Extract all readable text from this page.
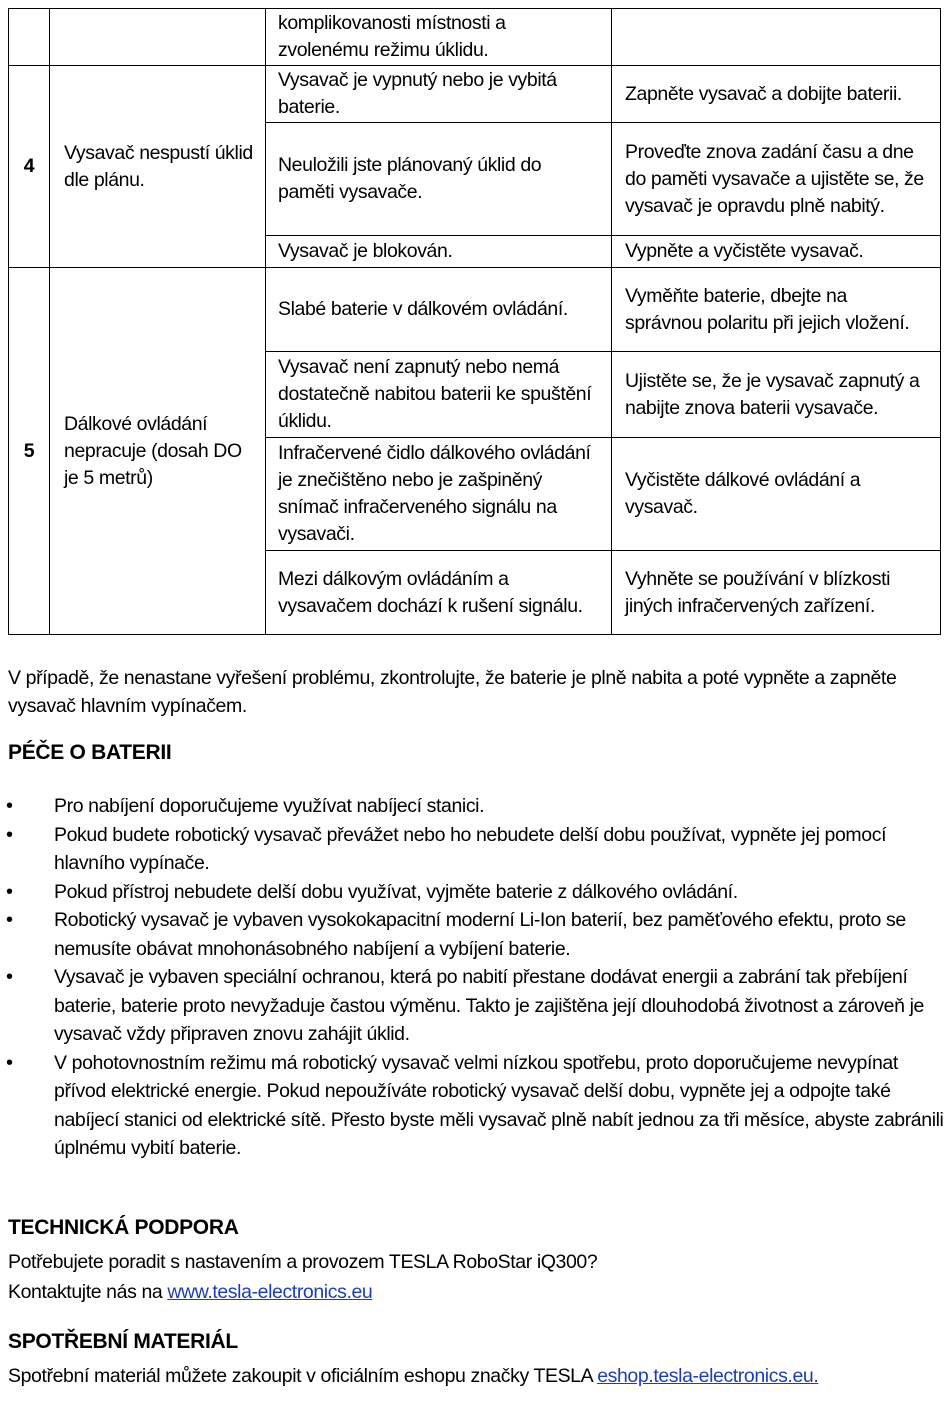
		komplikovanosti místnosti a zvolenému režimu úklidu.	
4	Vysavač nespustí úklid dle plánu.	Vysavač je vypnutý nebo je vybitá baterie.	Zapněte vysavač a dobijte baterii.
		Neuložili jste plánovaný úklid do paměti vysavače.	Proveďte znova zadání času a dne do paměti vysavače a ujistěte se, že vysavač je opravdu plně nabitý.
		Vysavač je blokován.	Vypněte a vyčistěte vysavač.
5	Dálkové ovládání nepracuje (dosah DO je 5 metrů)	Slabé baterie v dálkovém ovládání.	Vyměňte baterie, dbejte na správnou polaritu při jejich vložení.
		Vysavač není zapnutý nebo nemá dostatečně nabitou baterii ke spuštění úklidu.	Ujistěte se, že je vysavač zapnutý a nabijte znova baterii vysavače.
		Infračervené čidlo dálkového ovládání je znečištěno nebo je zašpiněný snímač infračerveného signálu na vysavači.	Vyčistěte dálkové ovládání a vysavač.
		Mezi dálkovým ovládáním a vysavačem dochází k rušení signálu.	Vyhněte se používání v blízkosti jiných infračervených zařízení.
V případě, že nenastane vyřešení problému, zkontrolujte, že baterie je plně nabita a poté vypněte a zapněte vysavač hlavním vypínačem.
PÉČE O BATERII
• Pro nabíjení doporučujeme využívat nabíjecí stanici.
• Pokud budete robotický vysavač převážet nebo ho nebudete delší dobu používat, vypněte jej pomocí hlavního vypínače.
• Pokud přístroj nebudete delší dobu využívat, vyjměte baterie z dálkového ovládání.
• Robotický vysavač je vybaven vysokokapacitní moderní Li-Ion baterií, bez paměťového efektu, proto se nemusíte obávat mnohonásobného nabíjení a vybíjení baterie.
• Vysavač je vybaven speciální ochranou, která po nabití přestane dodávat energii a zabrání tak přebíjení baterie, baterie proto nevyžaduje častou výměnu. Takto je zajištěna její dlouhodobá životnost a zároveň je vysavač vždy připraven znovu zahájit úklid.
• V pohotovnostním režimu má robotický vysavač velmi nízkou spotřebu, proto doporučujeme nevypínat přívod elektrické energie. Pokud nepoužíváte robotický vysavač delší dobu, vypněte jej a odpojte také nabíjecí stanici od elektrické sítě. Přesto byste měli vysavač plně nabít jednou za tři měsíce, abyste zabránili úplnému vybití baterie.
TECHNICKÁ PODPORA
Potřebujete poradit s nastavením a provozem TESLA RoboStar iQ300?
Kontaktujte nás na www.tesla-electronics.eu
SPOTŘEBNÍ MATERIÁL
Spotřební materiál můžete zakoupit v oficiálním eshopu značky TESLA eshop.tesla-electronics.eu.
